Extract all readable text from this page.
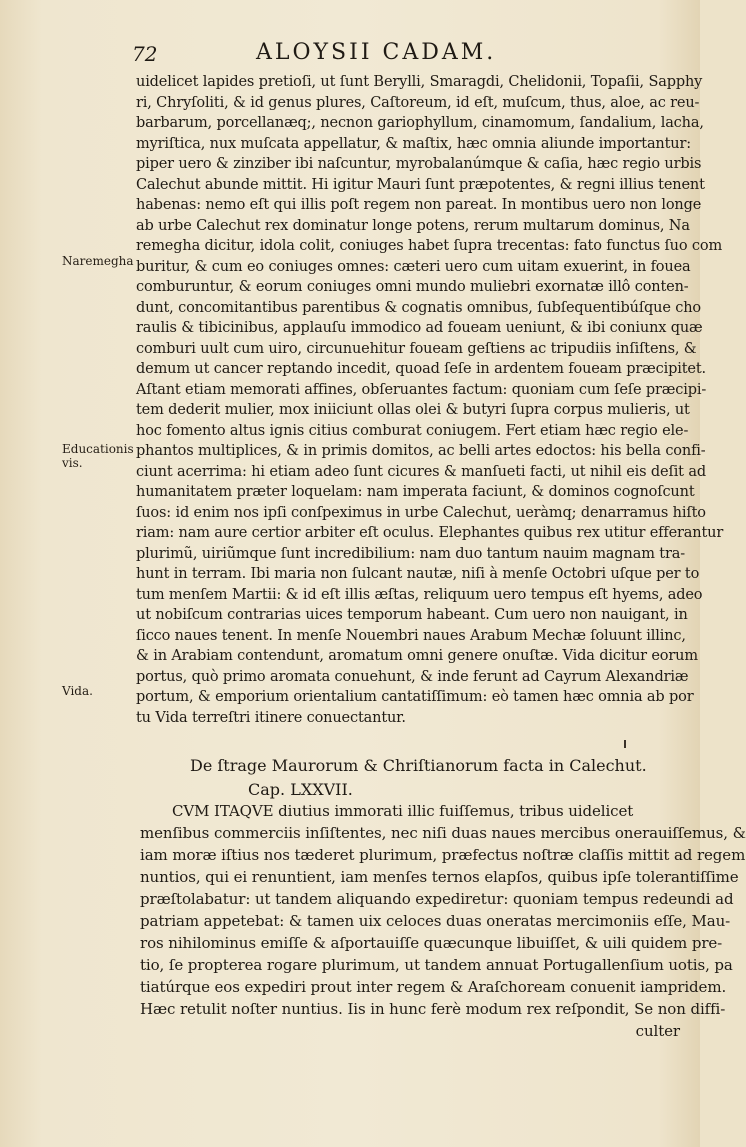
72	ALOYSII CADAM.
Naremegha
Educationis vis.
Vida.
uidelicet lapides pretioſi, ut ſunt Berylli, Smaragdi, Chelidonii, Topaſii, Sapphy
ri, Chryſoliti, & id genus plures, Caſtoreum, id eſt, muſcum, thus, aloe, ac reu-
barbarum, porcellanæq;, necnon gariophyllum, cinamomum, ſandalium, lacha,
myriſtica, nux muſcata appellatur, & maſtix, hæc omnia aliunde importantur:
piper uero & zinziber ibi naſcuntur, myrobalanúmque & caſia, hæc regio urbis
Calechut abunde mittit. Hi igitur Mauri ſunt præpotentes, & regni illius tenent
habenas: nemo eſt qui illis poſt regem non pareat. In montibus uero non longe
ab urbe Calechut rex dominatur longe potens, rerum multarum dominus, Na
remegha dicitur, idola colit, coniuges habet ſupra trecentas: fato functus ſuo com
buritur, & cum eo coniuges omnes: cæteri uero cum uitam exuerint, in fouea
comburuntur, & eorum coniuges omni mundo muliebri exornatæ illô conten-
dunt, concomitantibus parentibus & cognatis omnibus, ſubſequentibúſque cho
raulis & tibicinibus, applauſu immodico ad foueam ueniunt, & ibi coniunx quæ
comburi uult cum uiro, circunuehitur foueam geſtiens ac tripudiis inſiſtens, &
demum ut cancer reptando incedit, quoad ſeſe in ardentem foueam præcipitet.
Aſtant etiam memorati affines, obſeruantes factum: quoniam cum ſeſe præcipi-
tem dederit mulier, mox iniiciunt ollas olei & butyri ſupra corpus mulieris, ut
hoc fomento altus ignis citius comburat coniugem. Fert etiam hæc regio ele-
phantos multiplices, & in primis domitos, ac belli artes edoctos: his bella confi-
ciunt acerrima: hi etiam adeo ſunt cicures & manſueti facti, ut nihil eis deſit ad
humanitatem præter loquelam: nam imperata faciunt, & dominos cognoſcunt
ſuos: id enim nos ipſi conſpeximus in urbe Calechut, ueràmq; denarramus hiſto
riam: nam aure certior arbiter eſt oculus. Elephantes quibus rex utitur efferantur
plurimũ, uiriũmque ſunt incredibilium: nam duo tantum nauim magnam tra-
hunt in terram. Ibi maria non ſulcant nautæ, niſi à menſe Octobri uſque per to
tum menſem Martii: & id eſt illis æſtas, reliquum uero tempus eſt hyems, adeo
ut nobiſcum contrarias uices temporum habeant. Cum uero non nauigant, in
ſicco naues tenent. In menſe Nouembri naues Arabum Mechæ ſoluunt illinc,
& in Arabiam contendunt, aromatum omni genere onuſtæ. Vida dicitur eorum
portus, quò primo aromata conuehunt, & inde ferunt ad Cayrum Alexandriæ
portum, & emporium orientalium cantatiſſimum: eò tamen hæc omnia ab por
tu Vida terreſtri itinere conuectantur.
De ſtrage Maurorum & Chriſtianorum facta in Calechut.
Cap. LXXVII.
CVM ITAQVE diutius immorati illic fuiſſemus, tribus uidelicet
menſibus commerciis inſiſtentes, nec niſi duas naues mercibus onerauiſſemus, &
iam moræ iſtius nos tæderet plurimum, præfectus noſtræ claſſis mittit ad regem
nuntios, qui ei renuntient, iam menſes ternos elapſos, quibus ipſe tolerantiſſime
præſtolabatur: ut tandem aliquando expediretur: quoniam tempus redeundi ad
patriam appetebat: & tamen uix celoces duas oneratas mercimoniis eſſe, Mau-
ros nihilominus emiſſe & aſportauiſſe quæcunque libuiſſet, & uili quidem pre-
tio, ſe propterea rogare plurimum, ut tandem annuat Portugallenſium uotis, pa
tiatúrque eos expediri prout inter regem & Araſchoream conuenit iampridem.
Hæc retulit noſter nuntius. Iis in hunc ferè modum rex reſpondit, Se non diffi-
culter
